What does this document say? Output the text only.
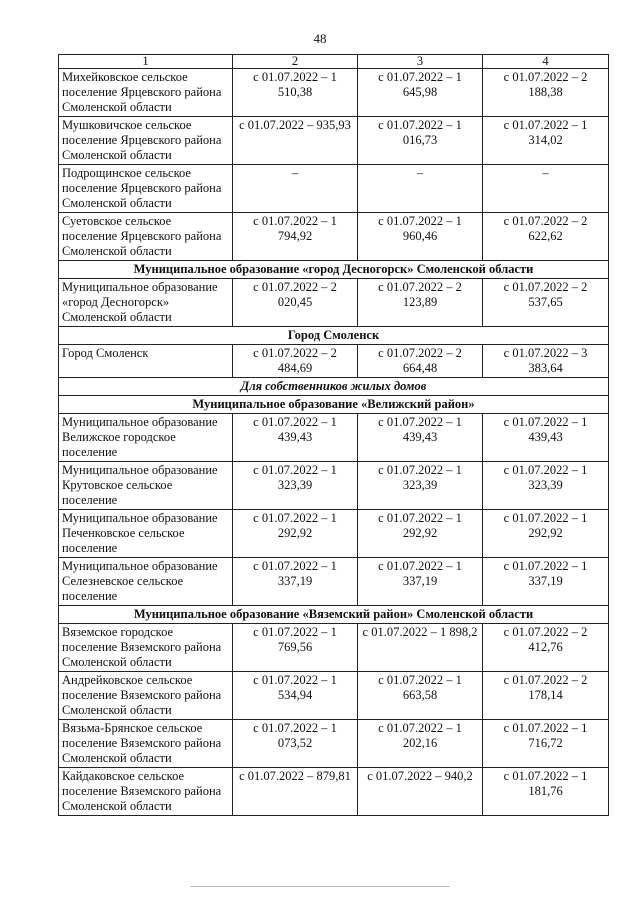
48
1	2	3	4
Михейковское сельское поселение Ярцевского района Смоленской области	с 01.07.2022 – 1 510,38	с 01.07.2022 – 1 645,98	с 01.07.2022 – 2 188,38
Мушковичское сельское поселение Ярцевского района Смоленской области	с 01.07.2022 – 935,93	с 01.07.2022 – 1 016,73	с 01.07.2022 – 1 314,02
Подрощинское сельское поселение Ярцевского района Смоленской области	–	–	–
Суетовское сельское поселение Ярцевского района Смоленской области	с 01.07.2022 – 1 794,92	с 01.07.2022 – 1 960,46	с 01.07.2022 – 2 622,62
Муниципальное образование «город Десногорск» Смоленской области			
Муниципальное образование «город Десногорск» Смоленской области	с 01.07.2022 – 2 020,45	с 01.07.2022 – 2 123,89	с 01.07.2022 – 2 537,65
Город Смоленск			
Город Смоленск	с 01.07.2022 – 2 484,69	с 01.07.2022 – 2 664,48	с 01.07.2022 – 3 383,64
Для собственников жилых домов			
Муниципальное образование «Велижский район»			
Муниципальное образование Велижское городское поселение	с 01.07.2022 – 1 439,43	с 01.07.2022 – 1 439,43	с 01.07.2022 – 1 439,43
Муниципальное образование Крутовское сельское поселение	с 01.07.2022 – 1 323,39	с 01.07.2022 – 1 323,39	с 01.07.2022 – 1 323,39
Муниципальное образование Печенковское сельское поселение	с 01.07.2022 – 1 292,92	с 01.07.2022 – 1 292,92	с 01.07.2022 – 1 292,92
Муниципальное образование Селезневское сельское поселение	с 01.07.2022 – 1 337,19	с 01.07.2022 – 1 337,19	с 01.07.2022 – 1 337,19
Муниципальное образование «Вяземский район» Смоленской области			
Вяземское городское поселение Вяземского района Смоленской области	с 01.07.2022 – 1 769,56	с 01.07.2022 – 1 898,2	с 01.07.2022 – 2 412,76
Андрейковское сельское поселение Вяземского района Смоленской области	с 01.07.2022 – 1 534,94	с 01.07.2022 – 1 663,58	с 01.07.2022 – 2 178,14
Вязьма-Брянское сельское поселение Вяземского района Смоленской области	с 01.07.2022 – 1 073,52	с 01.07.2022 – 1 202,16	с 01.07.2022 – 1 716,72
Кайдаковское сельское поселение Вяземского района Смоленской области	с 01.07.2022 – 879,81	с 01.07.2022 – 940,2	с 01.07.2022 – 1 181,76
